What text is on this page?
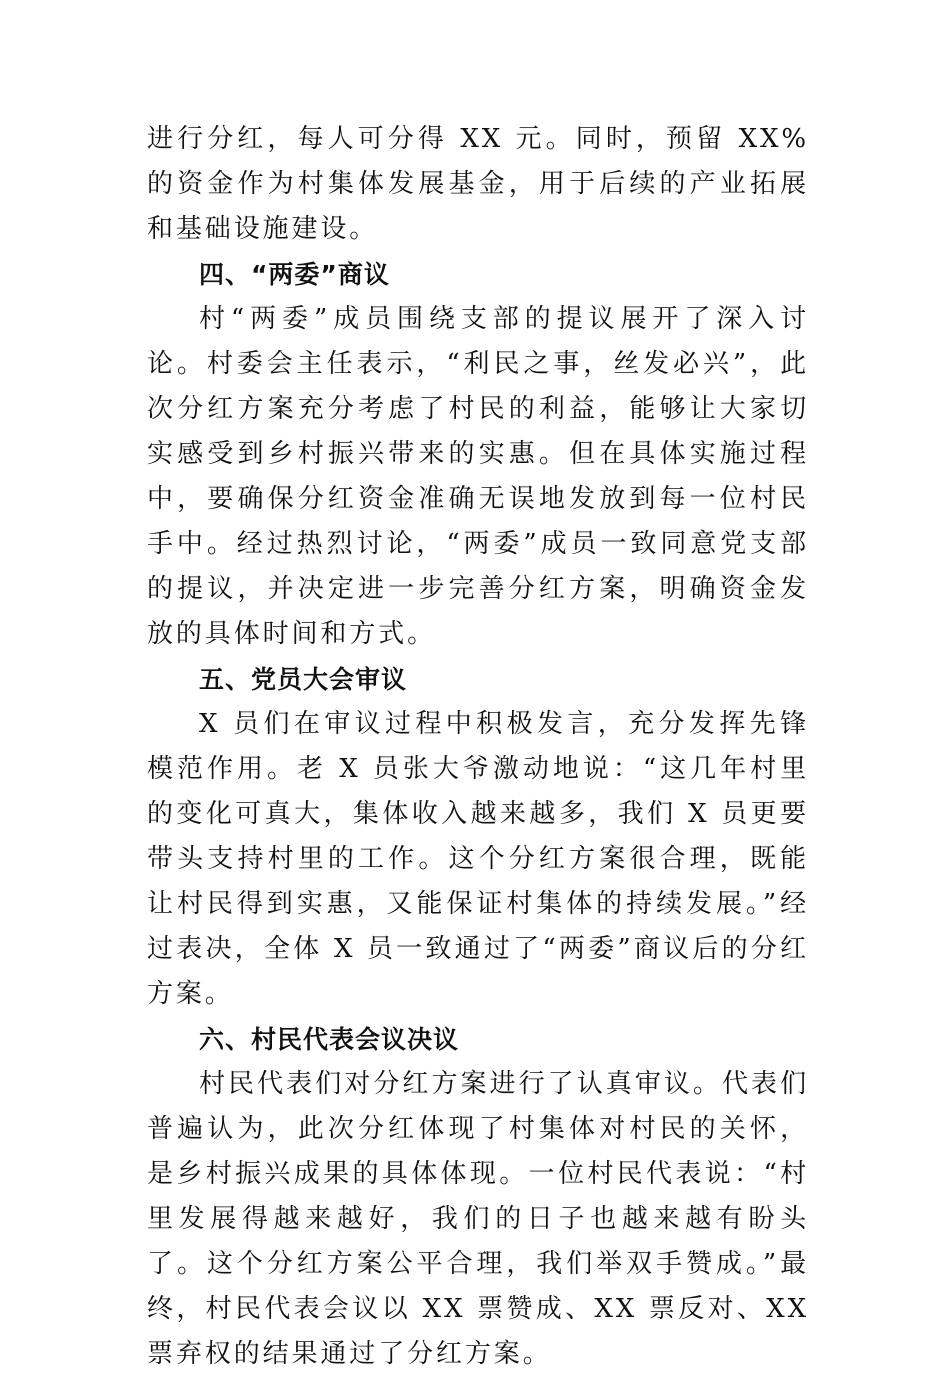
进行分红，每人可分得 XX 元。同时，预留 XX%的资金作为村集体发展基金，用于后续的产业拓展和基础设施建设。

四、“两委”商议

村“两委”成员围绕支部的提议展开了深入讨论。村委会主任表示，“利民之事，丝发必兴”，此次分红方案充分考虑了村民的利益，能够让大家切实感受到乡村振兴带来的实惠。但在具体实施过程中，要确保分红资金准确无误地发放到每一位村民手中。经过热烈讨论，“两委”成员一致同意党支部的提议，并决定进一步完善分红方案，明确资金发放的具体时间和方式。

五、党员大会审议

X 员们在审议过程中积极发言，充分发挥先锋模范作用。老 X 员张大爷激动地说：“这几年村里的变化可真大，集体收入越来越多，我们 X 员更要带头支持村里的工作。这个分红方案很合理，既能让村民得到实惠，又能保证村集体的持续发展。”经过表决，全体 X 员一致通过了“两委”商议后的分红方案。

六、村民代表会议决议

村民代表们对分红方案进行了认真审议。代表们普遍认为，此次分红体现了村集体对村民的关怀，是乡村振兴成果的具体体现。一位村民代表说：“村里发展得越来越好，我们的日子也越来越有盼头了。这个分红方案公平合理，我们举双手赞成。”最终，村民代表会议以 XX 票赞成、XX 票反对、XX 票弃权的结果通过了分红方案。
